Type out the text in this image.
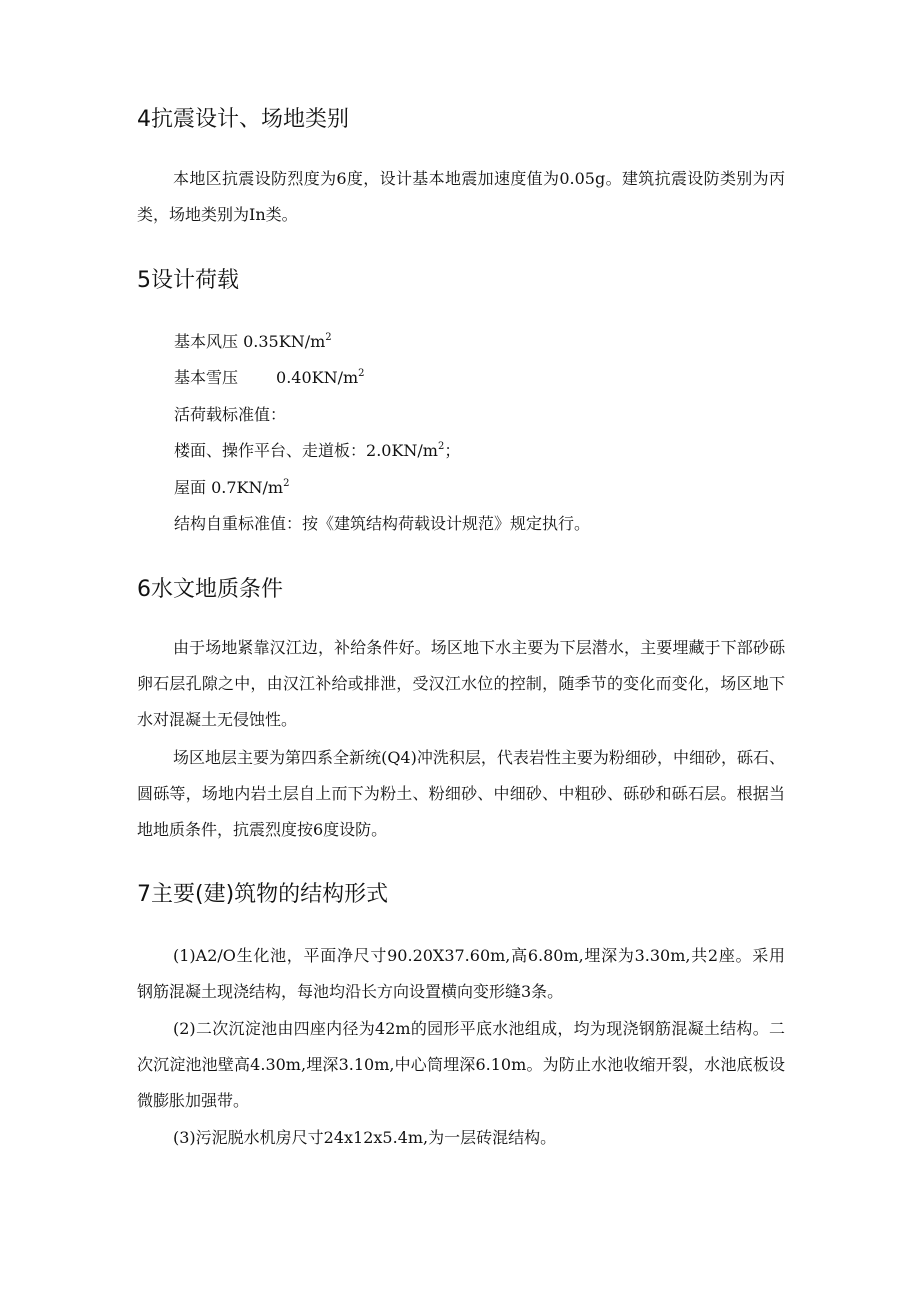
4抗震设计、场地类别

本地区抗震设防烈度为6度，设计基本地震加速度值为0.05g。建筑抗震设防类别为丙类，场地类别为In类。

5设计荷载
基本风压 $0.35KN∕m^2$
基本雪压 $0.40KN/m^2$
活荷载标准值：
楼面、操作平台、走道板：$2.0KN∕m^2$；
屋面 $0.7KN∕m^2$
结构自重标准值：按《建筑结构荷载设计规范》规定执行。
6水文地质条件

由于场地紧靠汉江边，补给条件好。场区地下水主要为下层潜水，主要埋藏于下部砂砾卵石层孔隙之中，由汉江补给或排泄，受汉江水位的控制，随季节的变化而变化，场区地下水对混凝土无侵蚀性。

场区地层主要为第四系全新统(Q4)冲洗积层，代表岩性主要为粉细砂，中细砂，砾石、圆砾等，场地内岩土层自上而下为粉土、粉细砂、中细砂、中粗砂、砾砂和砾石层。根据当地地质条件，抗震烈度按6度设防。

7主要(建)筑物的结构形式

(1)A2∕O生化池，平面净尺寸90.20X37.60m,高6.80m,埋深为3.30m,共2座。采用钢筋混凝土现浇结构，每池均沿长方向设置横向变形缝3条。

(2)二次沉淀池由四座内径为42m的园形平底水池组成，均为现浇钢筋混凝土结构。二次沉淀池池壁高4.30m,埋深3.10m,中心筒埋深6.10m。为防止水池收缩开裂，水池底板设微膨胀加强带。

(3)污泥脱水机房尺寸24x12x5.4m,为一层砖混结构。
